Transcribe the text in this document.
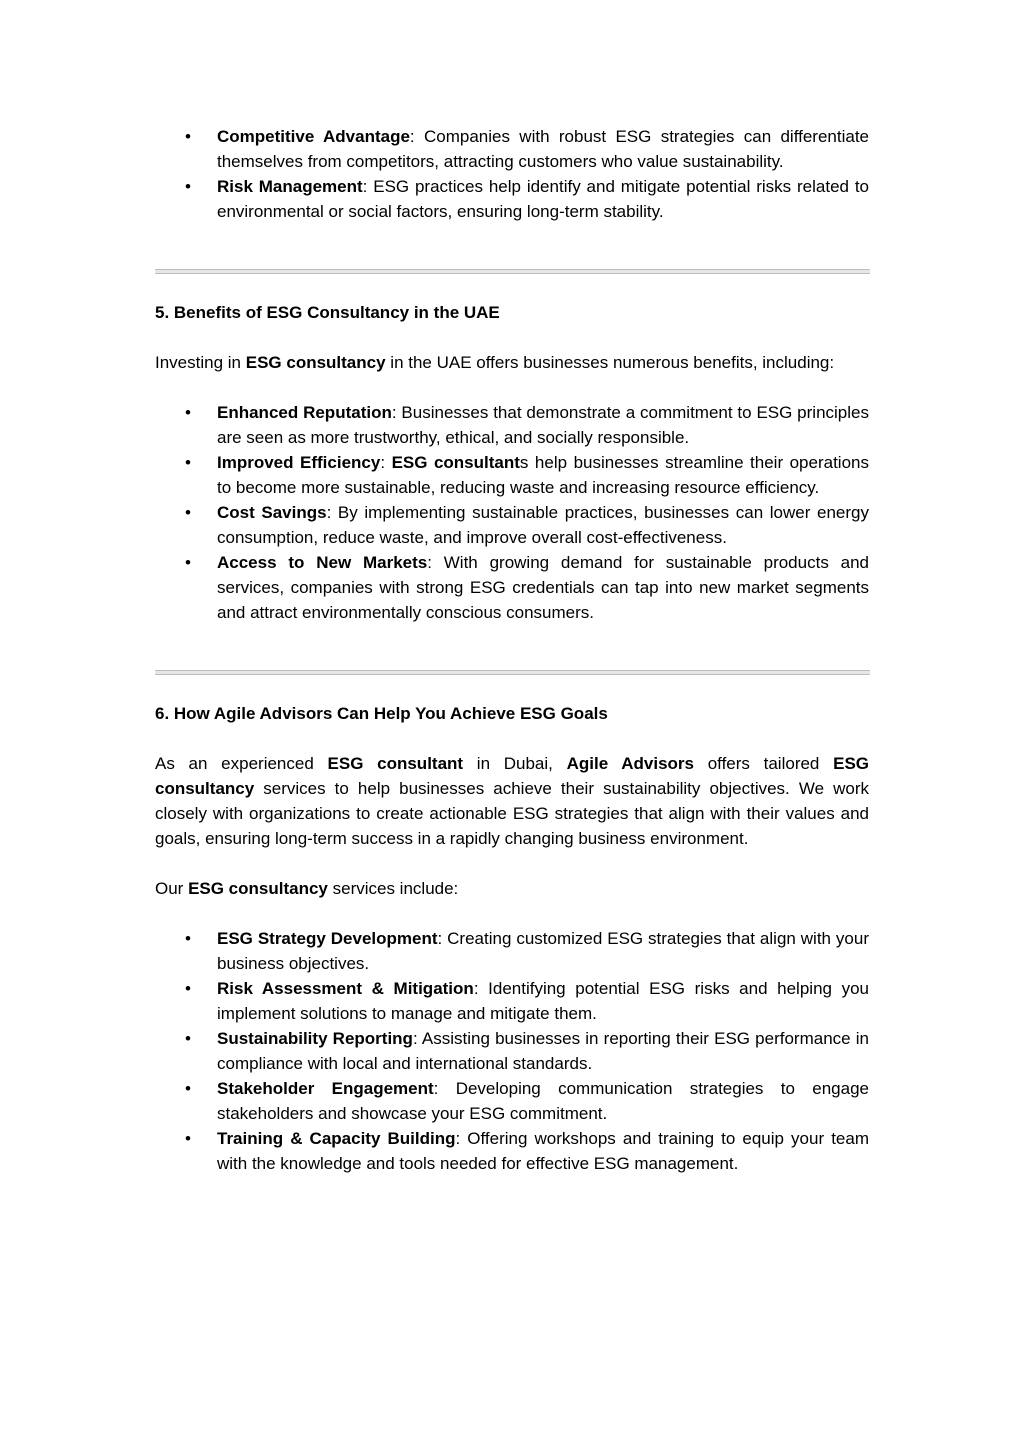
•	Competitive Advantage: Companies with robust ESG strategies can differentiate themselves from competitors, attracting customers who value sustainability.
•	Risk Management: ESG practices help identify and mitigate potential risks related to environmental or social factors, ensuring long-term stability.

5. Benefits of ESG Consultancy in the UAE

Investing in ESG consultancy in the UAE offers businesses numerous benefits, including:

•	Enhanced Reputation: Businesses that demonstrate a commitment to ESG principles are seen as more trustworthy, ethical, and socially responsible.
•	Improved Efficiency: ESG consultants help businesses streamline their operations to become more sustainable, reducing waste and increasing resource efficiency.
•	Cost Savings: By implementing sustainable practices, businesses can lower energy consumption, reduce waste, and improve overall cost-effectiveness.
•	Access to New Markets: With growing demand for sustainable products and services, companies with strong ESG credentials can tap into new market segments and attract environmentally conscious consumers.

6. How Agile Advisors Can Help You Achieve ESG Goals

As an experienced ESG consultant in Dubai, Agile Advisors offers tailored ESG consultancy services to help businesses achieve their sustainability objectives. We work closely with organizations to create actionable ESG strategies that align with their values and goals, ensuring long-term success in a rapidly changing business environment.

Our ESG consultancy services include:

•	ESG Strategy Development: Creating customized ESG strategies that align with your business objectives.
•	Risk Assessment & Mitigation: Identifying potential ESG risks and helping you implement solutions to manage and mitigate them.
•	Sustainability Reporting: Assisting businesses in reporting their ESG performance in compliance with local and international standards.
•	Stakeholder Engagement: Developing communication strategies to engage stakeholders and showcase your ESG commitment.
•	Training & Capacity Building: Offering workshops and training to equip your team with the knowledge and tools needed for effective ESG management.
